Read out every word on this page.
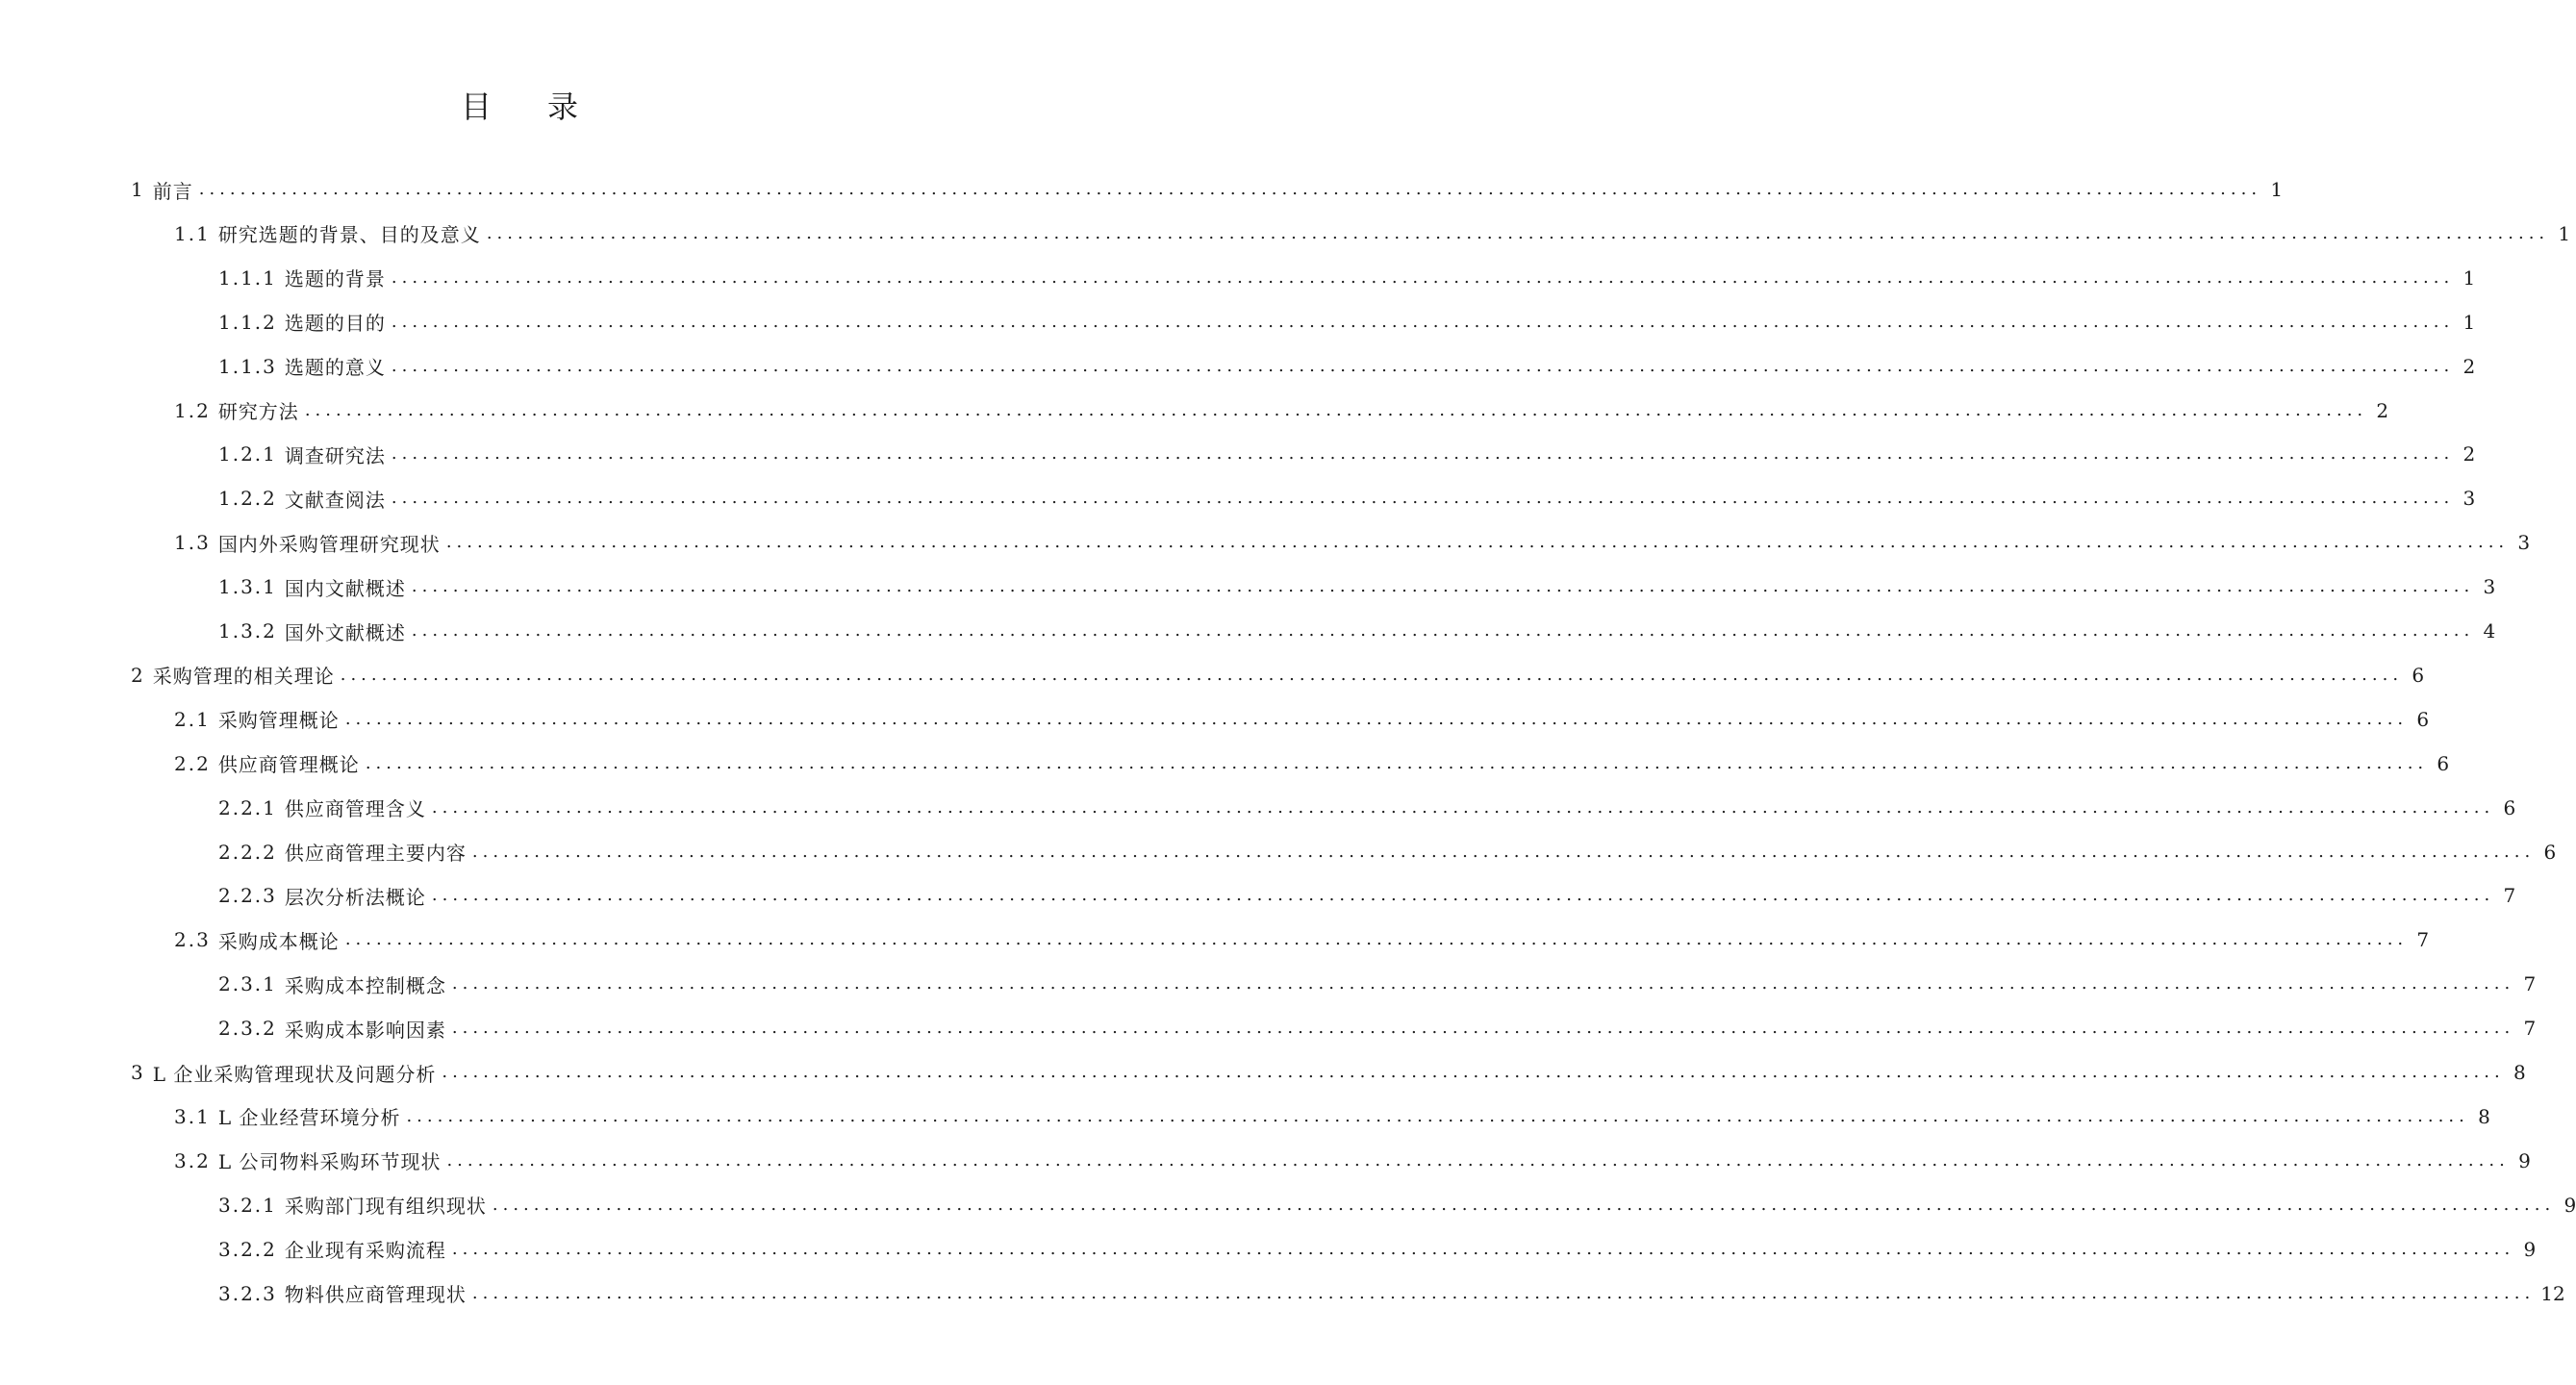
目 录
1 前言 ........................................................................................................................................................................................................ 1
1.1 研究选题的背景、目的及意义 ........................................................................................................................................................................................................ 1
1.1.1 选题的背景 ........................................................................................................................................................................................................ 1
1.1.2 选题的目的 ........................................................................................................................................................................................................ 1
1.1.3 选题的意义 ........................................................................................................................................................................................................ 2
1.2 研究方法 ........................................................................................................................................................................................................ 2
1.2.1 调查研究法 ........................................................................................................................................................................................................ 2
1.2.2 文献查阅法 ........................................................................................................................................................................................................ 3
1.3 国内外采购管理研究现状 ........................................................................................................................................................................................................ 3
1.3.1 国内文献概述 ........................................................................................................................................................................................................ 3
1.3.2 国外文献概述 ........................................................................................................................................................................................................ 4
2 采购管理的相关理论 ........................................................................................................................................................................................................ 6
2.1 采购管理概论 ........................................................................................................................................................................................................ 6
2.2 供应商管理概论 ........................................................................................................................................................................................................ 6
2.2.1 供应商管理含义 ........................................................................................................................................................................................................ 6
2.2.2 供应商管理主要内容 ........................................................................................................................................................................................................ 6
2.2.3 层次分析法概论 ........................................................................................................................................................................................................ 7
2.3 采购成本概论 ........................................................................................................................................................................................................ 7
2.3.1 采购成本控制概念 ........................................................................................................................................................................................................ 7
2.3.2 采购成本影响因素 ........................................................................................................................................................................................................ 7
3 L 企业采购管理现状及问题分析 ........................................................................................................................................................................................................ 8
3.1 L 企业经营环境分析 ........................................................................................................................................................................................................ 8
3.2 L 公司物料采购环节现状 ........................................................................................................................................................................................................ 9
3.2.1 采购部门现有组织现状 ........................................................................................................................................................................................................ 9
3.2.2 企业现有采购流程 ........................................................................................................................................................................................................ 9
3.2.3 物料供应商管理现状 ........................................................................................................................................................................................................ 12
